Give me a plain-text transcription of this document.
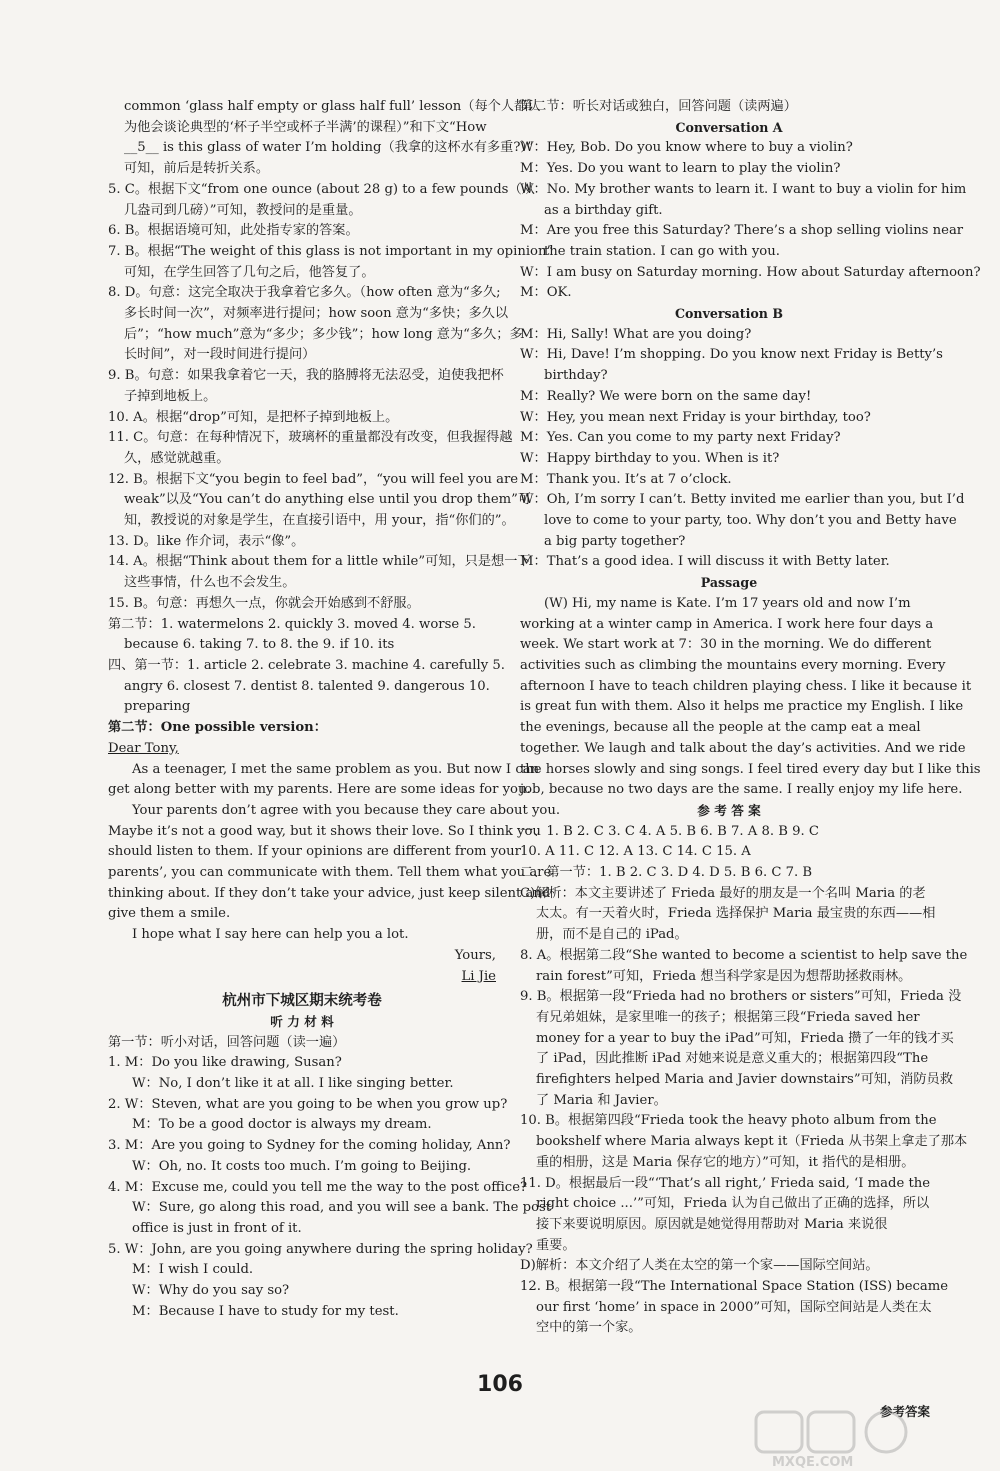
common ‘glass half empty or glass half full’ lesson（每个人都认
为他会谈论典型的‘杯子半空或杯子半满’的课程）”和下文“How
__5__ is this glass of water I’m holding（我拿的这杯水有多重?）”
可知，前后是转折关系。
5. C。根据下文“from one ounce (about 28 g) to a few pounds（从
几盎司到几磅）”可知，教授问的是重量。
6. B。根据语境可知，此处指专家的答案。
7. B。根据“The weight of this glass is not important in my opinion”
可知，在学生回答了几句之后，他答复了。
8. D。句意：这完全取决于我拿着它多久。（how often 意为“多久;
多长时间一次”，对频率进行提问；how soon 意为“多快；多久以
后”；“how much”意为“多少；多少钱”；how long 意为“多久；多
长时间”，对一段时间进行提问）
9. B。句意：如果我拿着它一天，我的胳膊将无法忍受，迫使我把杯
子掉到地板上。
10. A。根据“drop”可知，是把杯子掉到地板上。
11. C。句意：在每种情况下，玻璃杯的重量都没有改变，但我握得越
久，感觉就越重。
12. B。根据下文“you begin to feel bad”，“you will feel you are
weak”以及“You can’t do anything else until you drop them”可
知，教授说的对象是学生，在直接引语中，用 your，指“你们的”。
13. D。like 作介词，表示“像”。
14. A。根据“Think about them for a little while”可知，只是想一下
这些事情，什么也不会发生。
15. B。句意：再想久一点，你就会开始感到不舒服。
第二节：1. watermelons 2. quickly 3. moved 4. worse 5.
because 6. taking 7. to 8. the 9. if 10. its
四、第一节：1. article 2. celebrate 3. machine 4. carefully 5.
angry 6. closest 7. dentist 8. talented 9. dangerous 10.
preparing
第二节：One possible version：
Dear Tony,
As a teenager, I met the same problem as you. But now I can
get along better with my parents. Here are some ideas for you.
Your parents don’t agree with you because they care about you.
Maybe it’s not a good way, but it shows their love. So I think you
should listen to them. If your opinions are different from your
parents’, you can communicate with them. Tell them what you are
thinking about. If they don’t take your advice, just keep silent and
give them a smile.
I hope what I say here can help you a lot.
Yours,
Li Jie
杭州市下城区期末统考卷
听 力 材 料
第一节：听小对话，回答问题（读一遍）
1. M：Do you like drawing, Susan?
W：No, I don’t like it at all. I like singing better.
2. W：Steven, what are you going to be when you grow up?
M：To be a good doctor is always my dream.
3. M：Are you going to Sydney for the coming holiday, Ann?
W：Oh, no. It costs too much. I’m going to Beijing.
4. M：Excuse me, could you tell me the way to the post office?
W：Sure, go along this road, and you will see a bank. The post
office is just in front of it.
5. W：John, are you going anywhere during the spring holiday?
M：I wish I could.
W：Why do you say so?
M：Because I have to study for my test.
第二节：听长对话或独白，回答问题（读两遍）
Conversation A
W：Hey, Bob. Do you know where to buy a violin?
M：Yes. Do you want to learn to play the violin?
W：No. My brother wants to learn it. I want to buy a violin for him
as a birthday gift.
M：Are you free this Saturday? There’s a shop selling violins near
the train station. I can go with you.
W：I am busy on Saturday morning. How about Saturday afternoon?
M：OK.
Conversation B
M：Hi, Sally! What are you doing?
W：Hi, Dave! I’m shopping. Do you know next Friday is Betty’s
birthday?
M：Really? We were born on the same day!
W：Hey, you mean next Friday is your birthday, too?
M：Yes. Can you come to my party next Friday?
W：Happy birthday to you. When is it?
M：Thank you. It’s at 7 o’clock.
W：Oh, I’m sorry I can’t. Betty invited me earlier than you, but I’d
love to come to your party, too. Why don’t you and Betty have
a big party together?
M：That’s a good idea. I will discuss it with Betty later.
Passage
(W) Hi, my name is Kate. I’m 17 years old and now I’m
working at a winter camp in America. I work here four days a
week. We start work at 7：30 in the morning. We do different
activities such as climbing the mountains every morning. Every
afternoon I have to teach children playing chess. I like it because it
is great fun with them. Also it helps me practice my English. I like
the evenings, because all the people at the camp eat a meal
together. We laugh and talk about the day’s activities. And we ride
the horses slowly and sing songs. I feel tired every day but I like this
job, because no two days are the same. I really enjoy my life here.
参 考 答 案
一、1. B 2. C 3. C 4. A 5. B 6. B 7. A 8. B 9. C
10. A 11. C 12. A 13. C 14. C 15. A
二、第一节：1. B 2. C 3. D 4. D 5. B 6. C 7. B
C)解析：本文主要讲述了 Frieda 最好的朋友是一个名叫 Maria 的老
太太。有一天着火时，Frieda 选择保护 Maria 最宝贵的东西——相
册，而不是自己的 iPad。
8. A。根据第二段“She wanted to become a scientist to help save the
rain forest”可知，Frieda 想当科学家是因为想帮助拯救雨林。
9. B。根据第一段“Frieda had no brothers or sisters”可知，Frieda 没
有兄弟姐妹，是家里唯一的孩子；根据第三段“Frieda saved her
money for a year to buy the iPad”可知，Frieda 攒了一年的钱才买
了 iPad，因此推断 iPad 对她来说是意义重大的；根据第四段“The
firefighters helped Maria and Javier downstairs”可知，消防员救
了 Maria 和 Javier。
10. B。根据第四段“Frieda took the heavy photo album from the
bookshelf where Maria always kept it（Frieda 从书架上拿走了那本
重的相册，这是 Maria 保存它的地方）”可知，it 指代的是相册。
11. D。根据最后一段“‘That’s all right,’ Frieda said, ‘I made the
right choice ...’”可知，Frieda 认为自己做出了正确的选择，所以
接下来要说明原因。原因就是她觉得用帮助对 Maria 来说很
重要。
D)解析：本文介绍了人类在太空的第一个家——国际空间站。
12. B。根据第一段“The International Space Station (ISS) became
our first ‘home’ in space in 2000”可知，国际空间站是人类在太
空中的第一个家。
106
参考答案
MXQE.COM
